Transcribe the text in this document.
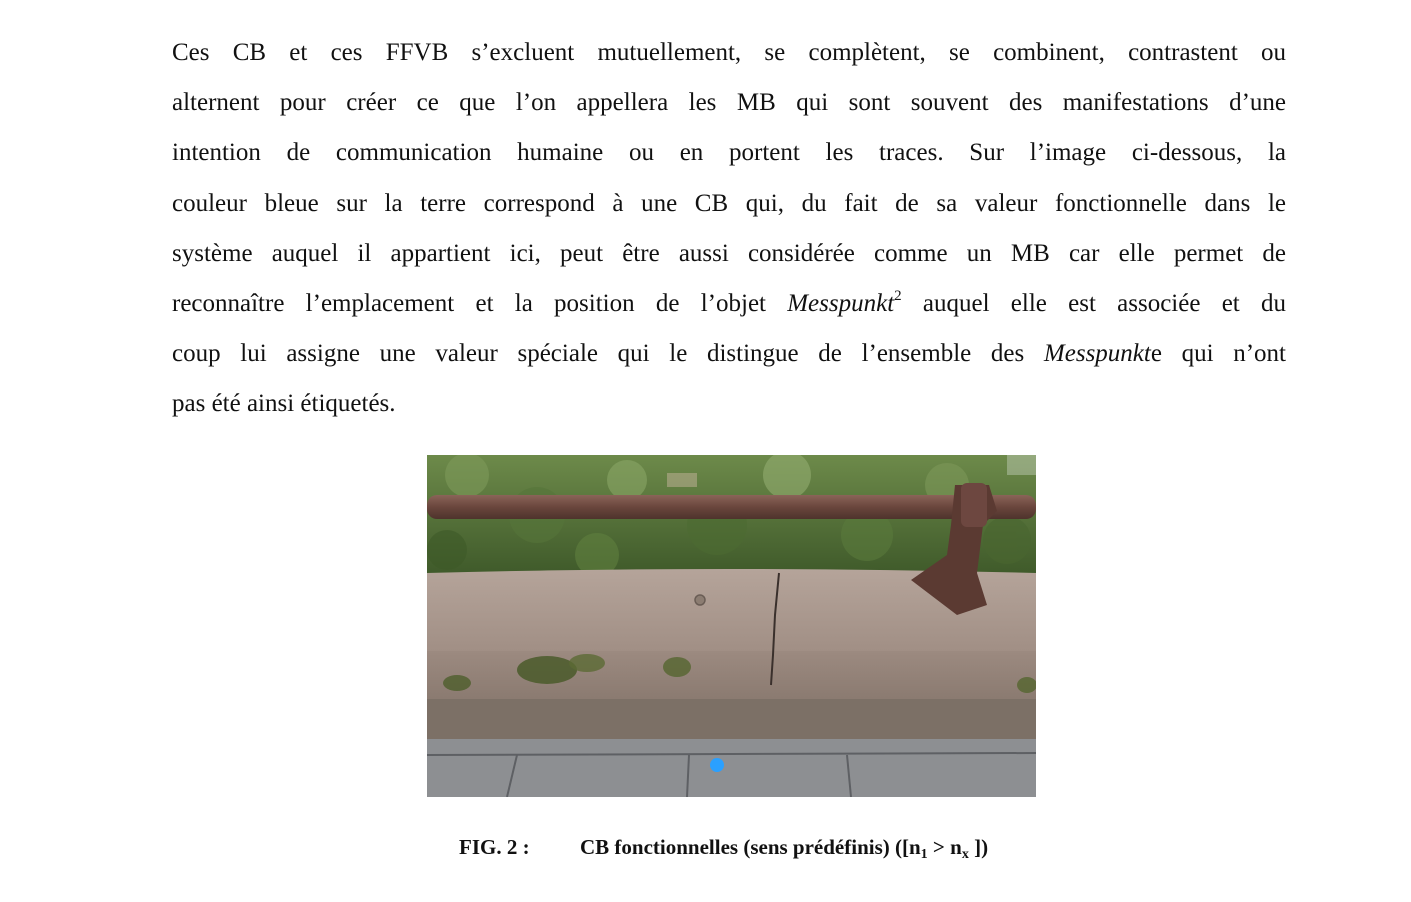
Ces CB et ces FFVB s’excluent mutuellement, se complètent, se combinent, contrastent ou
alternent pour créer ce que l’on appellera les MB qui sont souvent des manifestations d’une
intention de communication humaine ou en portent les traces. Sur l’image ci-dessous, la
couleur bleue sur la terre correspond à une CB qui, du fait de sa valeur fonctionnelle dans le
système auquel il appartient ici, peut être aussi considérée comme un MB car elle permet de
reconnaître l’emplacement et la position de l’objet Messpunkt$^2$ auquel elle est associée et du
coup lui assigne une valeur spéciale qui le distingue de l’ensemble des Messpunkte qui n’ont
pas été ainsi étiquetés.
FIG. 2 : CB fonctionnelles (sens prédéfinis) ([$n_1 > n_x$ ])
